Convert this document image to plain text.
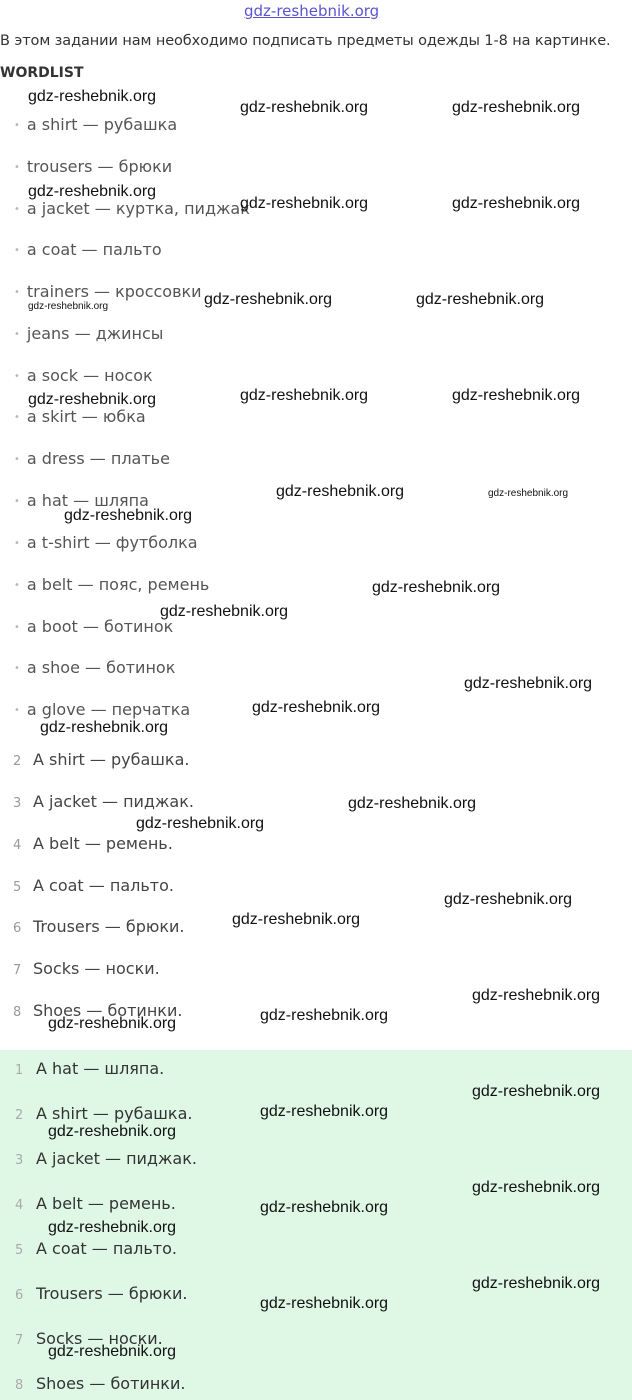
gdz-reshebnik.org
В этом задании нам необходимо подписать предметы одежды 1-8 на картинке.
WORDLIST
• a shirt — рубашка
• trousers — брюки
• a jacket — куртка, пиджак
• a coat — пальто
• trainers — кроссовки
• jeans — джинсы
• a sock — носок
• a skirt — юбка
• a dress — платье
• a hat — шляпа
• a t-shirt — футболка
• a belt — пояс, ремень
• a boot — ботинок
• a shoe — ботинок
• a glove — перчатка
2 A shirt — рубашка.
3 A jacket — пиджак.
4 A belt — ремень.
5 A coat — пальто.
6 Trousers — брюки.
7 Socks — носки.
8 Shoes — ботинки.
1 A hat — шляпа.
2 A shirt — рубашка.
3 A jacket — пиджак.
4 A belt — ремень.
5 A coat — пальто.
6 Trousers — брюки.
7 Socks — носки.
8 Shoes — ботинки.
gdz-reshebnik.org
gdz-reshebnik.org	gdz-reshebnik.org
gdz-reshebnik.org
gdz-reshebnik.org	gdz-reshebnik.org
gdz-reshebnik.org	gdz-reshebnik.org	gdz-reshebnik.org
gdz-reshebnik.org	gdz-reshebnik.org	gdz-reshebnik.org
gdz-reshebnik.org	gdz-reshebnik.org
gdz-reshebnik.org
gdz-reshebnik.org
gdz-reshebnik.org
gdz-reshebnik.org
gdz-reshebnik.org
gdz-reshebnik.org
gdz-reshebnik.org
gdz-reshebnik.org
gdz-reshebnik.org
gdz-reshebnik.org
gdz-reshebnik.org
gdz-reshebnik.org
gdz-reshebnik.org
gdz-reshebnik.org
gdz-reshebnik.org
gdz-reshebnik.org
gdz-reshebnik.org
gdz-reshebnik.org
gdz-reshebnik.org
gdz-reshebnik.org
gdz-reshebnik.org
gdz-reshebnik.org
